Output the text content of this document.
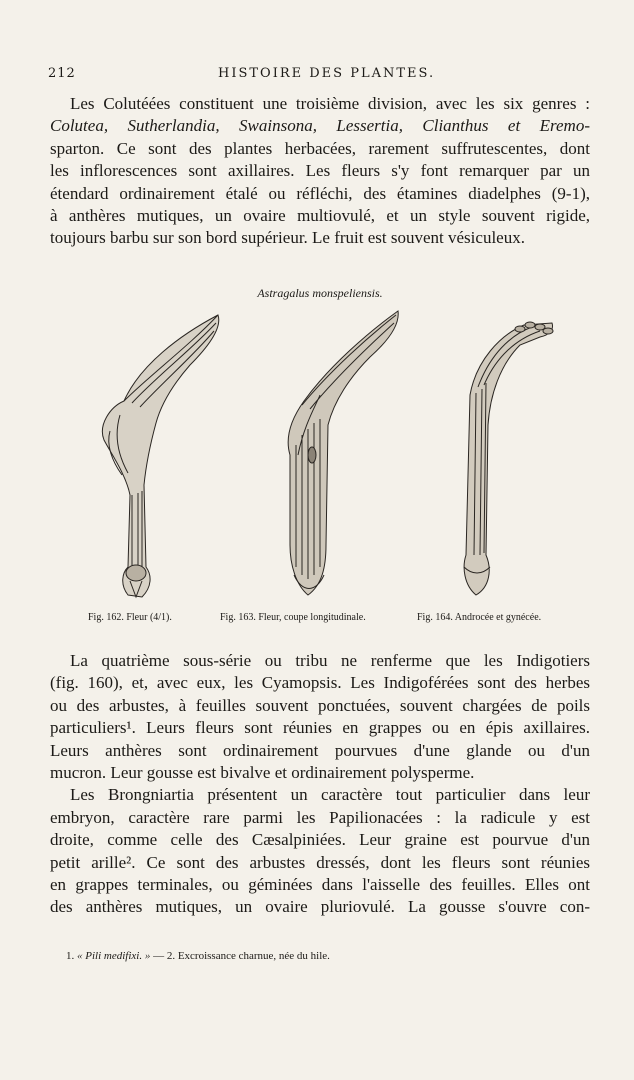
212	HISTOIRE DES PLANTES.
Les Colutéées constituent une troisième division, avec les six genres :
Colutea, Sutherlandia, Swainsona, Lessertia, Clianthus et Eremo-
sparton. Ce sont des plantes herbacées, rarement suffrutescentes, dont
les inflorescences sont axillaires. Les fleurs s'y font remarquer par un
étendard ordinairement étalé ou réfléchi, des étamines diadelphes (9-1),
à anthères mutiques, un ovaire multiovulé, et un style souvent rigide,
toujours barbu sur son bord supérieur. Le fruit est souvent vésiculeux.
Astragalus monspeliensis.
Fig. 162. Fleur (4/1).	Fig. 163. Fleur, coupe longitudinale.	Fig. 164. Androcée et gynécée.
La quatrième sous-série ou tribu ne renferme que les Indigotiers
(fig. 160), et, avec eux, les Cyamopsis. Les Indigoférées sont des herbes
ou des arbustes, à feuilles souvent ponctuées, souvent chargées de poils
particuliers¹. Leurs fleurs sont réunies en grappes ou en épis axillaires.
Leurs anthères sont ordinairement pourvues d'une glande ou d'un
mucron. Leur gousse est bivalve et ordinairement polysperme.
Les Brongniartia présentent un caractère tout particulier dans leur
embryon, caractère rare parmi les Papilionacées : la radicule y est
droite, comme celle des Cæsalpiniées. Leur graine est pourvue d'un
petit arille². Ce sont des arbustes dressés, dont les fleurs sont réunies
en grappes terminales, ou géminées dans l'aisselle des feuilles. Elles ont
des anthères mutiques, un ovaire pluriovulé. La gousse s'ouvre con-
1. « Pili medifixi. » — 2. Excroissance charnue, née du hile.
